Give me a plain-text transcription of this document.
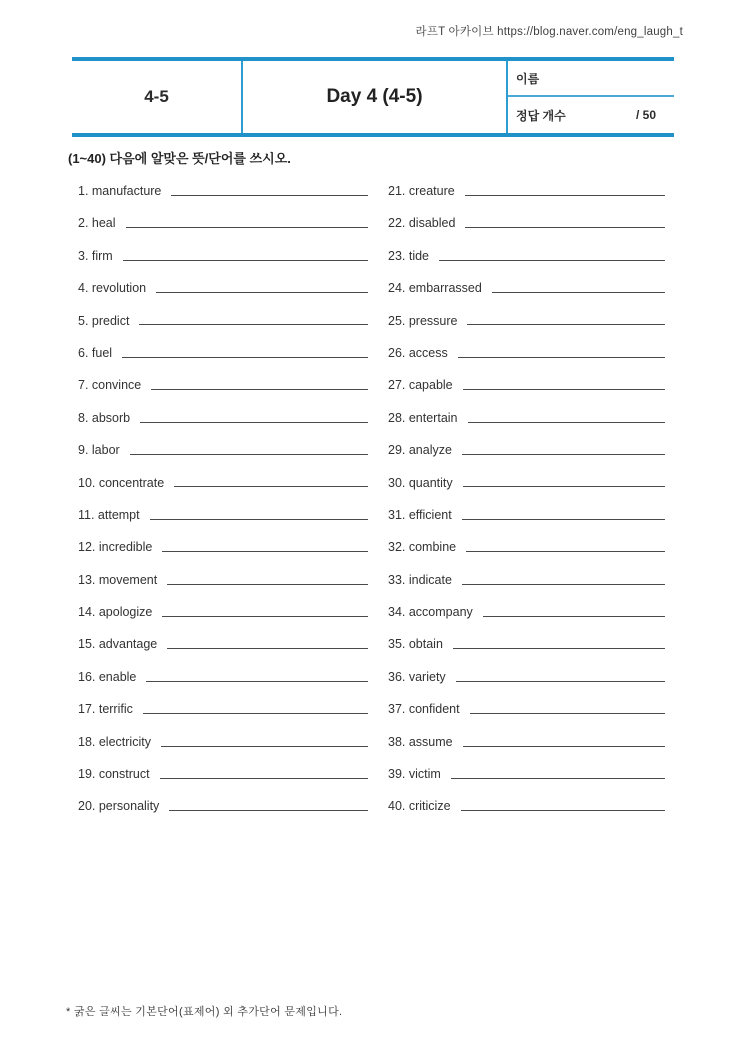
라프T 아카이브 https://blog.naver.com/eng_laugh_t
4-5	Day 4 (4-5)
이름
정답 개수	/ 50
(1~40) 다음에 알맞은 뜻/단어를 쓰시오.
1. manufacture
2. heal
3. firm
4. revolution
5. predict
6. fuel
7. convince
8. absorb
9. labor
10. concentrate
11. attempt
12. incredible
13. movement
14. apologize
15. advantage
16. enable
17. terrific
18. electricity
19. construct
20. personality
21. creature
22. disabled
23. tide
24. embarrassed
25. pressure
26. access
27. capable
28. entertain
29. analyze
30. quantity
31. efficient
32. combine
33. indicate
34. accompany
35. obtain
36. variety
37. confident
38. assume
39. victim
40. criticize
* 굵은 글씨는 기본단어(표제어) 외 추가단어 문제입니다.
